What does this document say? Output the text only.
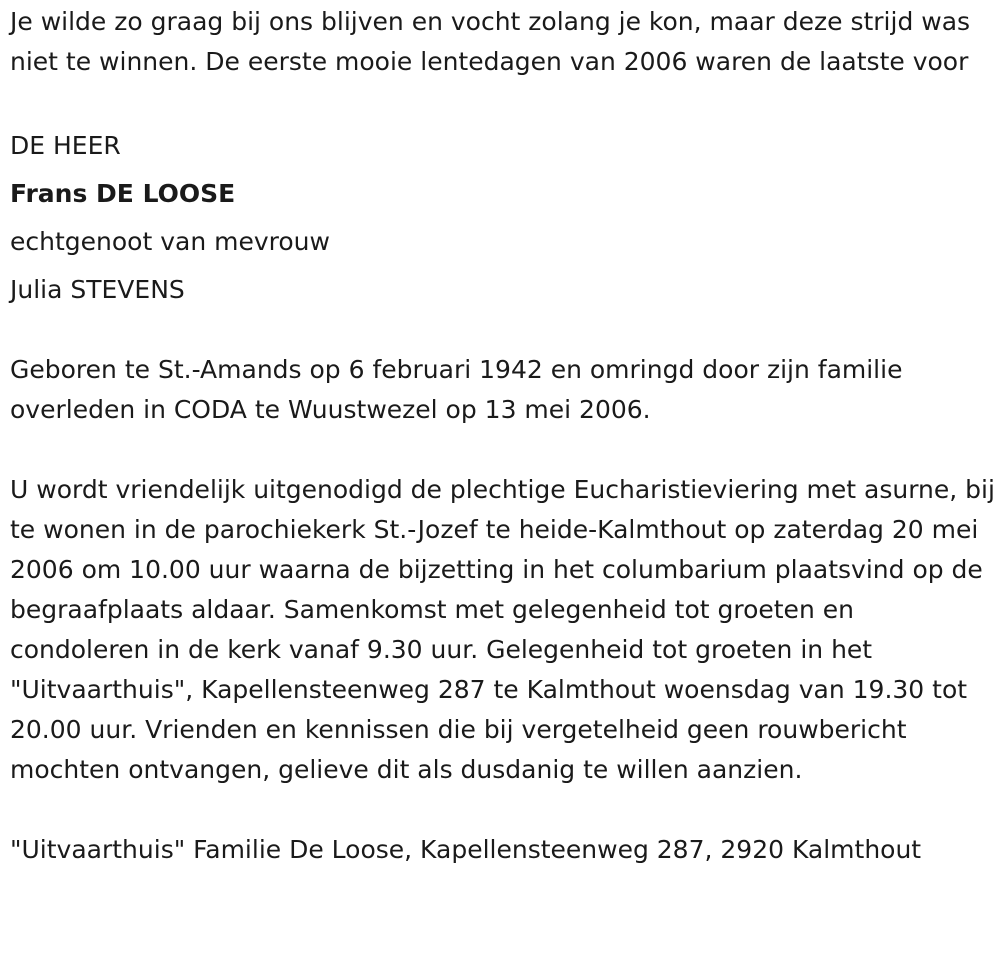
Je wilde zo graag bij ons blijven en vocht zolang je kon, maar deze strijd was niet te winnen. De eerste mooie lentedagen van 2006 waren de laatste voor

DE HEER

Frans DE LOOSE

echtgenoot van mevrouw

Julia STEVENS

Geboren te St.-Amands op 6 februari 1942 en omringd door zijn familie overleden in CODA te Wuustwezel op 13 mei 2006.

U wordt vriendelijk uitgenodigd de plechtige Eucharistieviering met asurne, bij te wonen in de parochiekerk St.-Jozef te heide-Kalmthout op zaterdag 20 mei 2006 om 10.00 uur waarna de bijzetting in het columbarium plaatsvind op de begraafplaats aldaar. Samenkomst met gelegenheid tot groeten en condoleren in de kerk vanaf 9.30 uur. Gelegenheid tot groeten in het "Uitvaarthuis", Kapellensteenweg 287 te Kalmthout woensdag van 19.30 tot 20.00 uur. Vrienden en kennissen die bij vergetelheid geen rouwbericht mochten ontvangen, gelieve dit als dusdanig te willen aanzien.

"Uitvaarthuis" Familie De Loose, Kapellensteenweg 287, 2920 Kalmthout
